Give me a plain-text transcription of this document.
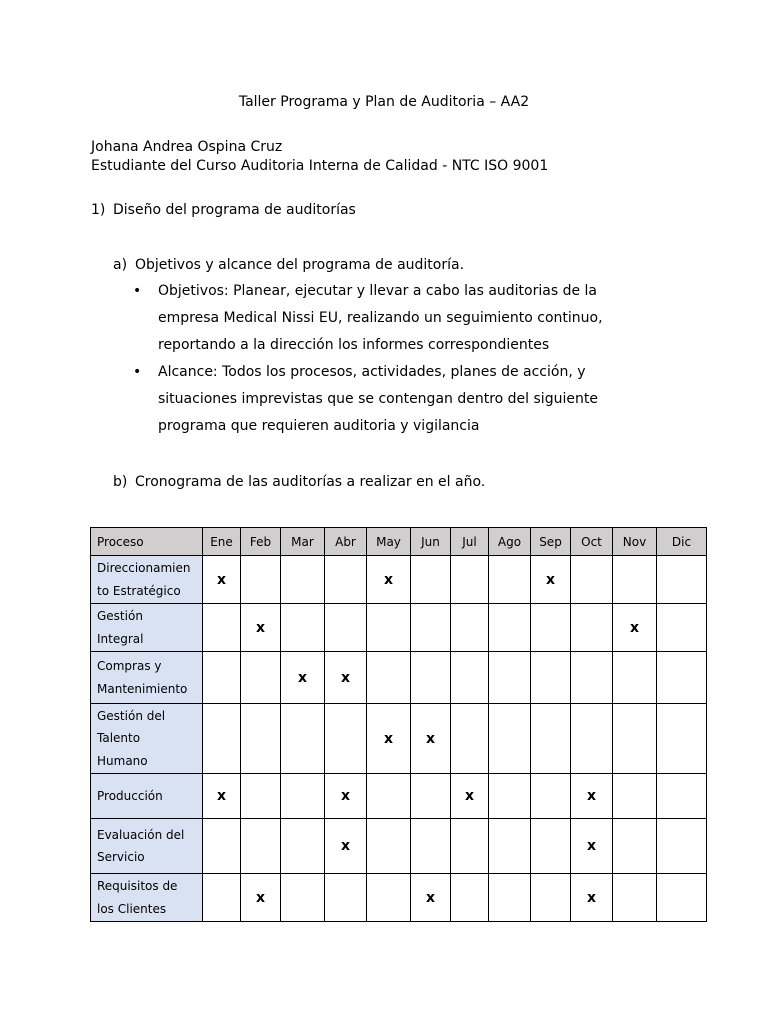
Taller Programa y Plan de Auditoria – AA2
Johana Andrea Ospina Cruz
Estudiante del Curso Auditoria Interna de Calidad - NTC ISO 9001
1) Diseño del programa de auditorías
a) Objetivos y alcance del programa de auditoría.
• Objetivos: Planear, ejecutar y llevar a cabo las auditorias de la
empresa Medical Nissi EU, realizando un seguimiento continuo,
reportando a la dirección los informes correspondientes
• Alcance: Todos los procesos, actividades, planes de acción, y
situaciones imprevistas que se contengan dentro del siguiente
programa que requieren auditoria y vigilancia
b) Cronograma de las auditorías a realizar en el año.
Proceso	Ene	Feb	Mar	Abr	May	Jun	Jul	Ago	Sep	Oct	Nov	Dic

Direccionamien
to Estratégico	x				x				x			

Gestión
Integral		x									x	

Compras y
Mantenimiento			x	x								

Gestión del
Talento
Humano					x	x						

Producción	x			x			x			x		

Evaluación del
Servicio				x						x		

Requisitos de
los Clientes		x				x				x		
